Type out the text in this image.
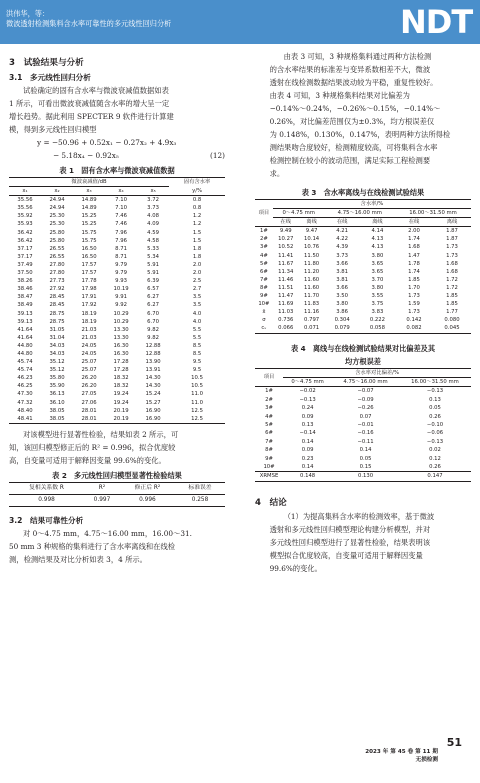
洪伟华，等：
微波透射检测集料含水率可靠性的多元线性回归分析	NDT
3　试验结果与分析
3.1　多元线性回归分析
试验确定的固有含水率与微波衰减值数据如表
1 所示，可看出微波衰减值随含水率的增大呈一定
增长趋势。据此利用 SPECTER 9 软件进行计算建
模，得到多元线性回归模型
y = −50.96 + 0.52x₁ − 0.27x₂ + 4.9x₃
− 5.18x₄ − 0.92x₅	(12)
表 1　固有含水率与微波衰减值数据
微波衰减值/dB					固有含水率
x₁	x₂	x₃	x₄	x₅	y/%
35.56	24.94	14.89	7.10	3.72	0.8
35.56	24.94	14.89	7.10	3.73	0.8
35.92	25.30	15.25	7.46	4.08	1.2
35.93	25.30	15.25	7.46	4.09	1.2
36.42	25.80	15.75	7.96	4.59	1.5
36.42	25.80	15.75	7.96	4.58	1.5
37.17	26.55	16.50	8.71	5.33	1.8
37.17	26.55	16.50	8.71	5.34	1.8
37.49	27.80	17.57	9.79	5.91	2.0
37.50	27.80	17.57	9.79	5.91	2.0
38.26	27.73	17.78	9.93	6.39	2.5
38.46	27.92	17.98	10.19	6.57	2.7
38.47	28.45	17.91	9.91	6.27	3.5
38.49	28.45	17.92	9.92	6.27	3.5
39.13	28.75	18.19	10.29	6.70	4.0
39.13	28.75	18.19	10.29	6.70	4.0
41.64	31.05	21.03	13.30	9.82	5.5
41.64	31.04	21.03	13.30	9.82	5.5
44.80	34.03	24.05	16.30	12.88	8.5
44.80	34.03	24.05	16.30	12.88	8.5
45.74	35.12	25.07	17.28	13.90	9.5
45.74	35.12	25.07	17.28	13.91	9.5
46.23	35.80	26.20	18.32	14.30	10.5
46.25	35.90	26.20	18.32	14.30	10.5
47.30	36.13	27.05	19.24	15.24	11.0
47.32	36.10	27.06	19.24	15.27	11.0
48.40	38.05	28.01	20.19	16.90	12.5
48.41	38.05	28.01	20.19	16.90	12.5
对该模型进行显著性检验，结果如表 2 所示，可
知，该回归模型修正后的 R² = 0.996，拟合优度较
高，自变量可适用于解释因变量 99.6%的变化。
表 2　多元线性回归模型显著性检验结果
复相关系数 R	R²	修正后 R²	标准误差
0.998	0.997	0.996	0.258
3.2　结果可靠性分析
对 0～4.75 mm，4.75～16.00 mm，16.00～31.
50 mm 3 种规格的集料进行了含水率离线和在线检
测，检测结果及对比分析如表 3，4 所示。
由表 3 可知，3 种规格集料通过两种方法检测
的含水率结果的标准差与变异系数相差不大，微波
透射在线检测数据结果波动较为平稳，重复性较好。
由表 4 可知，3 种规格集料结果对比偏差为
−0.14%～0.24%，−0.26%～0.15%，−0.14%～
0.26%，对比偏差范围仅为±0.3%，均方根误差仅
为 0.148%，0.130%，0.147%，表明两种方法所得检
测结果吻合度较好，检测精度较高，可将集料含水率
检测控制在较小的波动范围，满足实际工程检测要
求。
表 3　含水率离线与在线检测试验结果
项目	含水率/%					
	0～4.75 mm		4.75～16.00 mm		16.00～31.50 mm	
	在线	离线	在线	离线	在线	离线
1#	9.49	9.47	4.21	4.14	2.00	1.87
2#	10.27	10.14	4.22	4.13	1.74	1.87
3#	10.52	10.76	4.39	4.13	1.68	1.73
4#	11.41	11.50	3.73	3.80	1.47	1.73
5#	11.67	11.80	3.66	3.65	1.78	1.68
6#	11.34	11.20	3.81	3.65	1.74	1.68
7#	11.46	11.60	3.81	3.70	1.85	1.72
8#	11.51	11.60	3.66	3.80	1.70	1.72
9#	11.47	11.70	3.50	3.55	1.73	1.85
10#	11.69	11.83	3.80	3.75	1.59	1.85
x̄	11.03	11.16	3.86	3.83	1.73	1.77
σ	0.736	0.797	0.304	0.222	0.142	0.080
cᵥ	0.066	0.071	0.079	0.058	0.082	0.045
表 4　离线与在线检测试验结果对比偏差及其
均方根误差
项目	含水率对比偏差/%		
	0～4.75 mm	4.75～16.00 mm	16.00～31.50 mm
1#	−0.02	−0.07	−0.13
2#	−0.13	−0.09	0.13
3#	0.24	−0.26	0.05
4#	0.09	0.07	0.26
5#	0.13	−0.01	−0.10
6#	−0.14	−0.16	−0.06
7#	0.14	−0.11	−0.13
8#	0.09	0.14	0.02
9#	0.23	0.05	0.12
10#	0.14	0.15	0.26
XRMSE	0.148	0.130	0.147
4　结论
（1）为提高集料含水率的检测效率，基于微波
透射和多元线性回归模型理论构建分析模型，并对
多元线性回归模型进行了显著性检验，结果表明该
模型拟合优度较高，自变量可适用于解释因变量
99.6%的变化。
51
2023 年 第 45 卷 第 11 期
无损检测
